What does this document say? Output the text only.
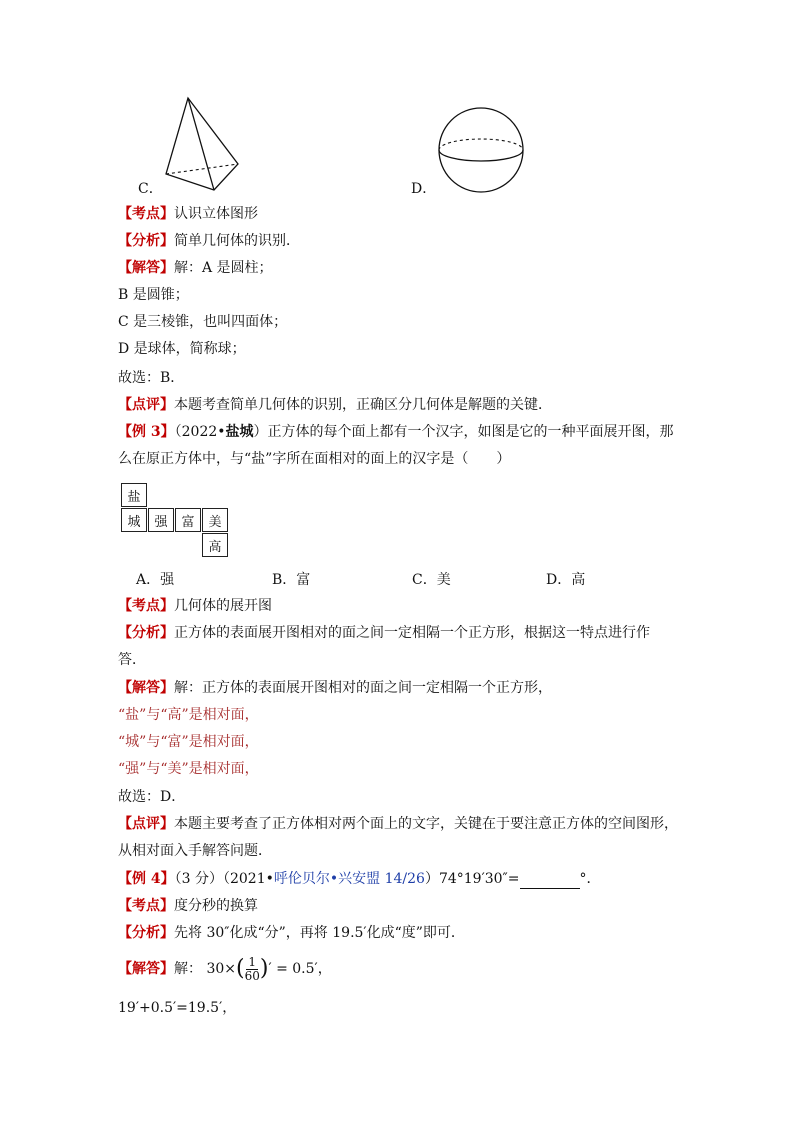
C．	D．
【考点】认识立体图形
【分析】简单几何体的识别．
【解答】解：A 是圆柱；
B 是圆锥；
C 是三棱锥，也叫四面体；
D 是球体，简称球；
故选：B．
【点评】本题考查简单几何体的识别，正确区分几何体是解题的关键．
【例 3】（2022•盐城）正方体的每个面上都有一个汉字，如图是它的一种平面展开图，那
么在原正方体中，与“盐”字所在面相对的面上的汉字是（　　）
盐
城	强	富	美
高
A．强	B．富	C．美	D．高
【考点】几何体的展开图
【分析】正方体的表面展开图相对的面之间一定相隔一个正方形，根据这一特点进行作
答．
【解答】解：正方体的表面展开图相对的面之间一定相隔一个正方形，
“盐”与“高”是相对面，
“城”与“富”是相对面，
“强”与“美”是相对面，
故选：D．
【点评】本题主要考查了正方体相对两个面上的文字，关键在于要注意正方体的空间图形，
从相对面入手解答问题．
【例 4】（3 分）（2021•呼伦贝尔•兴安盟 14/26）74°19′30″=	°．
【考点】度分秒的换算
【分析】先将 30″化成“分”，再将 19.5′化成“度”即可．
【解答】解： $30\times( \frac{1}{60}$ )′ = 0.5′，
19′+0.5′=19.5′，
